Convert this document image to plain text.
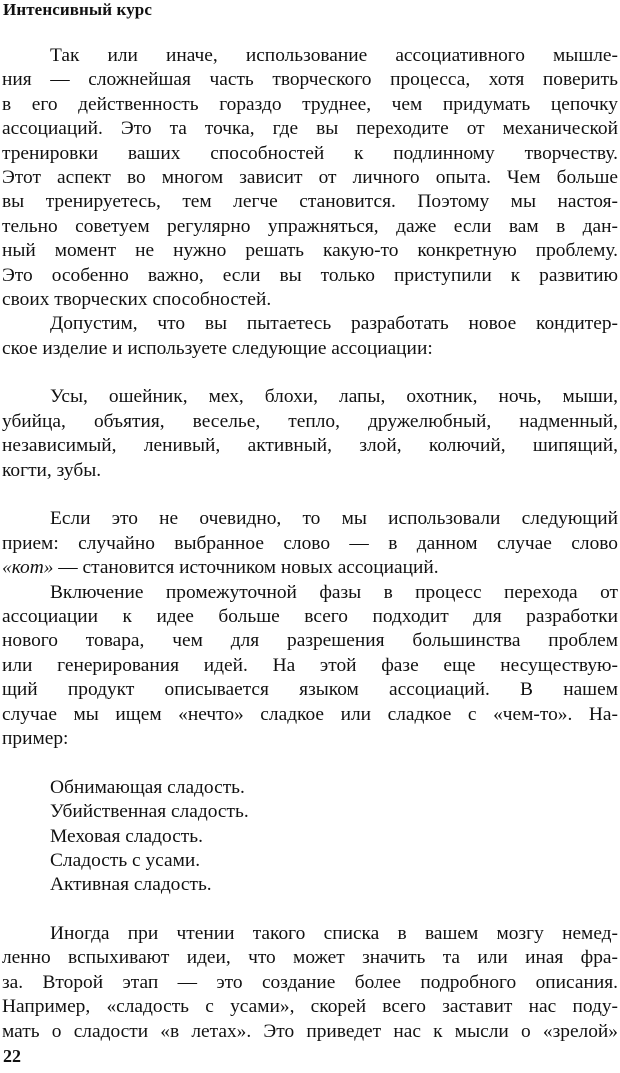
Интенсивный курс
Так или иначе, использование ассоциативного мышле-
ния — сложнейшая часть творческого процесса, хотя поверить
в его действенность гораздо труднее, чем придумать цепочку
ассоциаций. Это та точка, где вы переходите от механической
тренировки ваших способностей к подлинному творчеству.
Этот аспект во многом зависит от личного опыта. Чем больше
вы тренируетесь, тем легче становится. Поэтому мы настоя-
тельно советуем регулярно упражняться, даже если вам в дан-
ный момент не нужно решать какую-то конкретную проблему.
Это особенно важно, если вы только приступили к развитию
своих творческих способностей.
Допустим, что вы пытаетесь разработать новое кондитер-
ское изделие и используете следующие ассоциации:
Усы, ошейник, мех, блохи, лапы, охотник, ночь, мыши,
убийца, объятия, веселье, тепло, дружелюбный, надменный,
независимый, ленивый, активный, злой, колючий, шипящий,
когти, зубы.
Если это не очевидно, то мы использовали следующий
прием: случайно выбранное слово — в данном случае слово
«кот» — становится источником новых ассоциаций.
Включение промежуточной фазы в процесс перехода от
ассоциации к идее больше всего подходит для разработки
нового товара, чем для разрешения большинства проблем
или генерирования идей. На этой фазе еще несуществую-
щий продукт описывается языком ассоциаций. В нашем
случае мы ищем «нечто» сладкое или сладкое с «чем-то». На-
пример:
Обнимающая сладость.
Убийственная сладость.
Меховая сладость.
Сладость с усами.
Активная сладость.
Иногда при чтении такого списка в вашем мозгу немед-
ленно вспыхивают идеи, что может значить та или иная фра-
за. Второй этап — это создание более подробного описания.
Например, «сладость с усами», скорей всего заставит нас поду-
мать о сладости «в летах». Это приведет нас к мысли о «зрелой»
22
